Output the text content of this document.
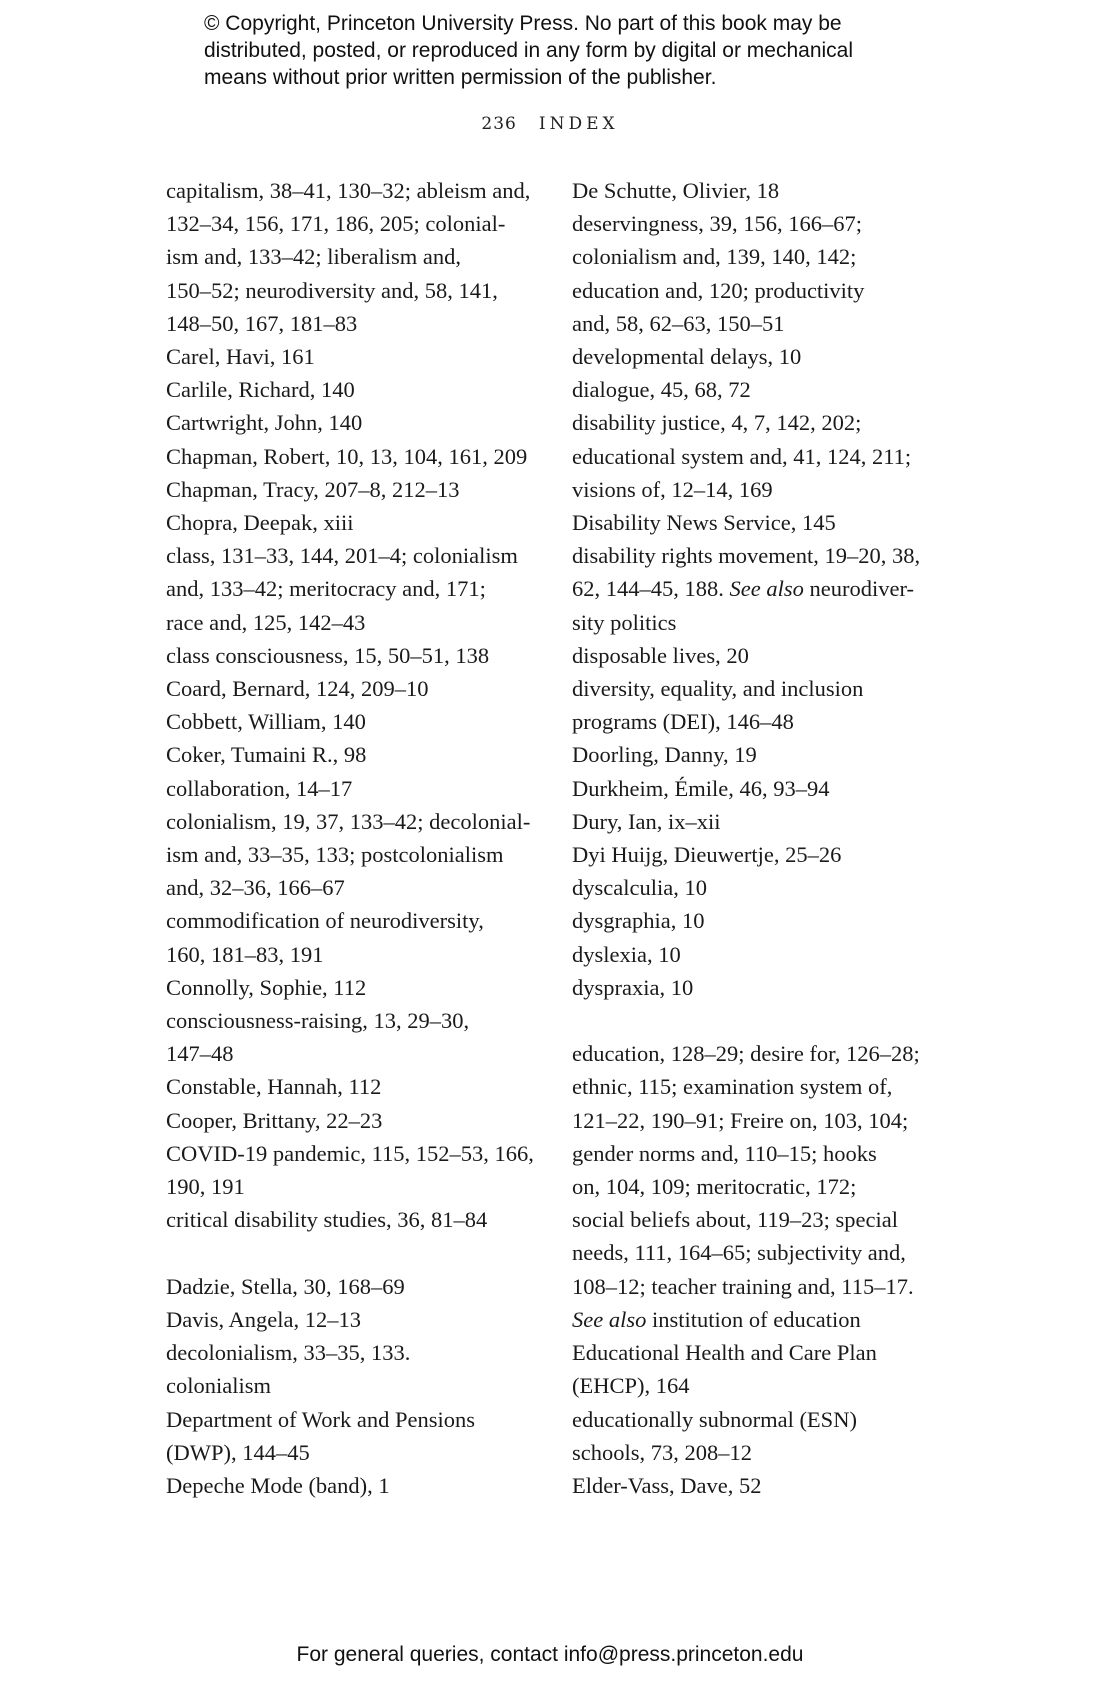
© Copyright, Princeton University Press. No part of this book may be
distributed, posted, or reproduced in any form by digital or mechanical
means without prior written permission of the publisher.
236 INDEX
capitalism, 38–41, 130–32; ableism and,
132–34, 156, 171, 186, 205; colonial-
ism and, 133–42; liberalism and,
150–52; neurodiversity and, 58, 141,
148–50, 167, 181–83
Carel, Havi, 161
Carlile, Richard, 140
Cartwright, John, 140
Chapman, Robert, 10, 13, 104, 161, 209
Chapman, Tracy, 207–8, 212–13
Chopra, Deepak, xiii
class, 131–33, 144, 201–4; colonialism
and, 133–42; meritocracy and, 171;
race and, 125, 142–43
class consciousness, 15, 50–51, 138
Coard, Bernard, 124, 209–10
Cobbett, William, 140
Coker, Tumaini R., 98
collaboration, 14–17
colonialism, 19, 37, 133–42; decolonial-
ism and, 33–35, 133; postcolonialism
and, 32–36, 166–67
commodification of neurodiversity,
160, 181–83, 191
Connolly, Sophie, 112
consciousness-raising, 13, 29–30,
147–48
Constable, Hannah, 112
Cooper, Brittany, 22–23
COVID-19 pandemic, 115, 152–53, 166,
190, 191
critical disability studies, 36, 81–84
Dadzie, Stella, 30, 168–69
Davis, Angela, 12–13
decolonialism, 33–35, 133.
colonialism
Department of Work and Pensions
(DWP), 144–45
Depeche Mode (band), 1
De Schutte, Olivier, 18
deservingness, 39, 156, 166–67;
colonialism and, 139, 140, 142;
education and, 120; productivity
and, 58, 62–63, 150–51
developmental delays, 10
dialogue, 45, 68, 72
disability justice, 4, 7, 142, 202;
educational system and, 41, 124, 211;
visions of, 12–14, 169
Disability News Service, 145
disability rights movement, 19–20, 38,
62, 144–45, 188. See also neurodiver-
sity politics
disposable lives, 20
diversity, equality, and inclusion
programs (DEI), 146–48
Doorling, Danny, 19
Durkheim, Émile, 46, 93–94
Dury, Ian, ix–xii
Dyi Huijg, Dieuwertje, 25–26
dyscalculia, 10
dysgraphia, 10
dyslexia, 10
dyspraxia, 10
education, 128–29; desire for, 126–28;
ethnic, 115; examination system of,
121–22, 190–91; Freire on, 103, 104;
gender norms and, 110–15; hooks
on, 104, 109; meritocratic, 172;
social beliefs about, 119–23; special
needs, 111, 164–65; subjectivity and,
108–12; teacher training and, 115–17.
See also institution of education
Educational Health and Care Plan
(EHCP), 164
educationally subnormal (ESN)
schools, 73, 208–12
Elder-Vass, Dave, 52
For general queries, contact info@press.princeton.edu
